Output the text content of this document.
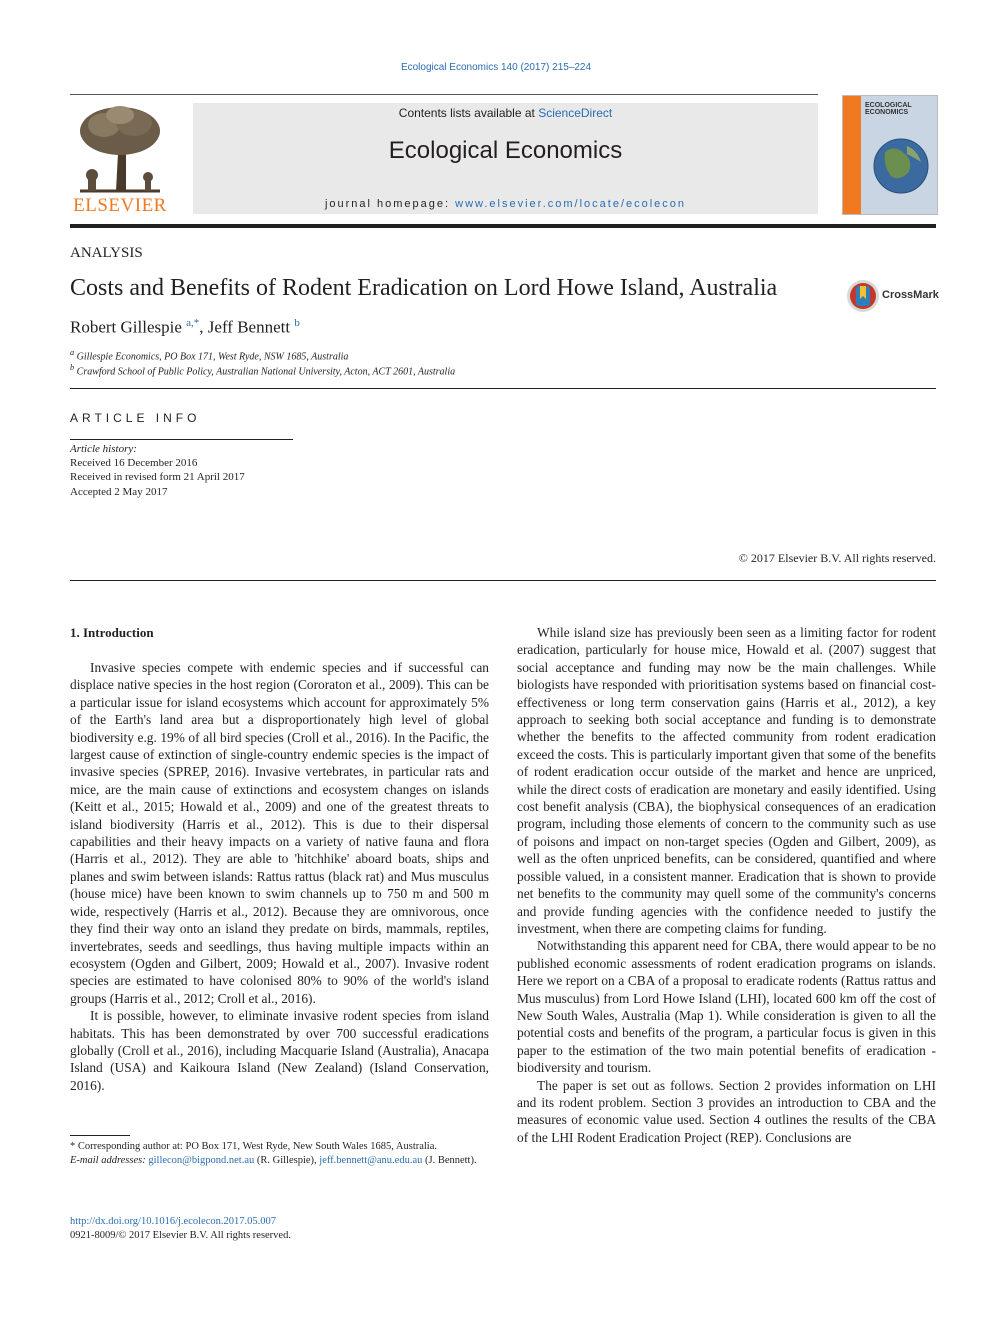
Ecological Economics 140 (2017) 215–224
ELSEVIER
Contents lists available at ScienceDirect
Ecological Economics
journal homepage: www.elsevier.com/locate/ecolecon
ECOLOGICAL
ECONOMICS
ANALYSIS
Costs and Benefits of Rodent Eradication on Lord Howe Island, Australia	CrossMark
Robert Gillespie $^{a,*}$, Jeff Bennett $^b$
$^a$ Gillespie Economics, PO Box 171, West Ryde, NSW 1685, Australia
$^b$ Crawford School of Public Policy, Australian National University, Acton, ACT 2601, Australia
ARTICLE INFO
Article history:
Received 16 December 2016
Received in revised form 21 April 2017
Accepted 2 May 2017
© 2017 Elsevier B.V. All rights reserved.
1. Introduction

Invasive species compete with endemic species and if successful can displace native species in the host region (Cororaton et al., 2009). This can be a particular issue for island ecosystems which account for approximately 5% of the Earth's land area but a disproportionately high level of global biodiversity e.g. 19% of all bird species (Croll et al., 2016). In the Pacific, the largest cause of extinction of single-country endemic species is the impact of invasive species (SPREP, 2016). Invasive vertebrates, in particular rats and mice, are the main cause of extinctions and ecosystem changes on islands (Keitt et al., 2015; Howald et al., 2009) and one of the greatest threats to island biodiversity (Harris et al., 2012). This is due to their dispersal capabilities and their heavy impacts on a variety of native fauna and flora (Harris et al., 2012). They are able to 'hitchhike' aboard boats, ships and planes and swim between islands: Rattus rattus (black rat) and Mus musculus (house mice) have been known to swim channels up to 750 m and 500 m wide, respectively (Harris et al., 2012). Because they are omnivorous, once they find their way onto an island they predate on birds, mammals, reptiles, invertebrates, seeds and seedlings, thus having multiple impacts within an ecosystem (Ogden and Gilbert, 2009; Howald et al., 2007). Invasive rodent species are estimated to have colonised 80% to 90% of the world's island groups (Harris et al., 2012; Croll et al., 2016).

It is possible, however, to eliminate invasive rodent species from island habitats. This has been demonstrated by over 700 successful eradications globally (Croll et al., 2016), including Macquarie Island (Australia), Anacapa Island (USA) and Kaikoura Island (New Zealand) (Island Conservation, 2016).

While island size has previously been seen as a limiting factor for rodent eradication, particularly for house mice, Howald et al. (2007) suggest that social acceptance and funding may now be the main challenges. While biologists have responded with prioritisation systems based on financial cost-effectiveness or long term conservation gains (Harris et al., 2012), a key approach to seeking both social acceptance and funding is to demonstrate whether the benefits to the affected community from rodent eradication exceed the costs. This is particularly important given that some of the benefits of rodent eradication occur outside of the market and hence are unpriced, while the direct costs of eradication are monetary and easily identified. Using cost benefit analysis (CBA), the biophysical consequences of an eradication program, including those elements of concern to the community such as use of poisons and impact on non-target species (Ogden and Gilbert, 2009), as well as the often unpriced benefits, can be considered, quantified and where possible valued, in a consistent manner. Eradication that is shown to provide net benefits to the community may quell some of the community's concerns and provide funding agencies with the confidence needed to justify the investment, when there are competing claims for funding.

Notwithstanding this apparent need for CBA, there would appear to be no published economic assessments of rodent eradication programs on islands. Here we report on a CBA of a proposal to eradicate rodents (Rattus rattus and Mus musculus) from Lord Howe Island (LHI), located 600 km off the cost of New South Wales, Australia (Map 1). While consideration is given to all the potential costs and benefits of the program, a particular focus is given in this paper to the estimation of the two main potential benefits of eradication - biodiversity and tourism.

The paper is set out as follows. Section 2 provides information on LHI and its rodent problem. Section 3 provides an introduction to CBA and the measures of economic value used. Section 4 outlines the results of the CBA of the LHI Rodent Eradication Project (REP). Conclusions are

* Corresponding author at: PO Box 171, West Ryde, New South Wales 1685, Australia.
E-mail addresses: gillecon@bigpond.net.au (R. Gillespie), jeff.bennett@anu.edu.au (J. Bennett).
http://dx.doi.org/10.1016/j.ecolecon.2017.05.007
0921-8009/© 2017 Elsevier B.V. All rights reserved.
